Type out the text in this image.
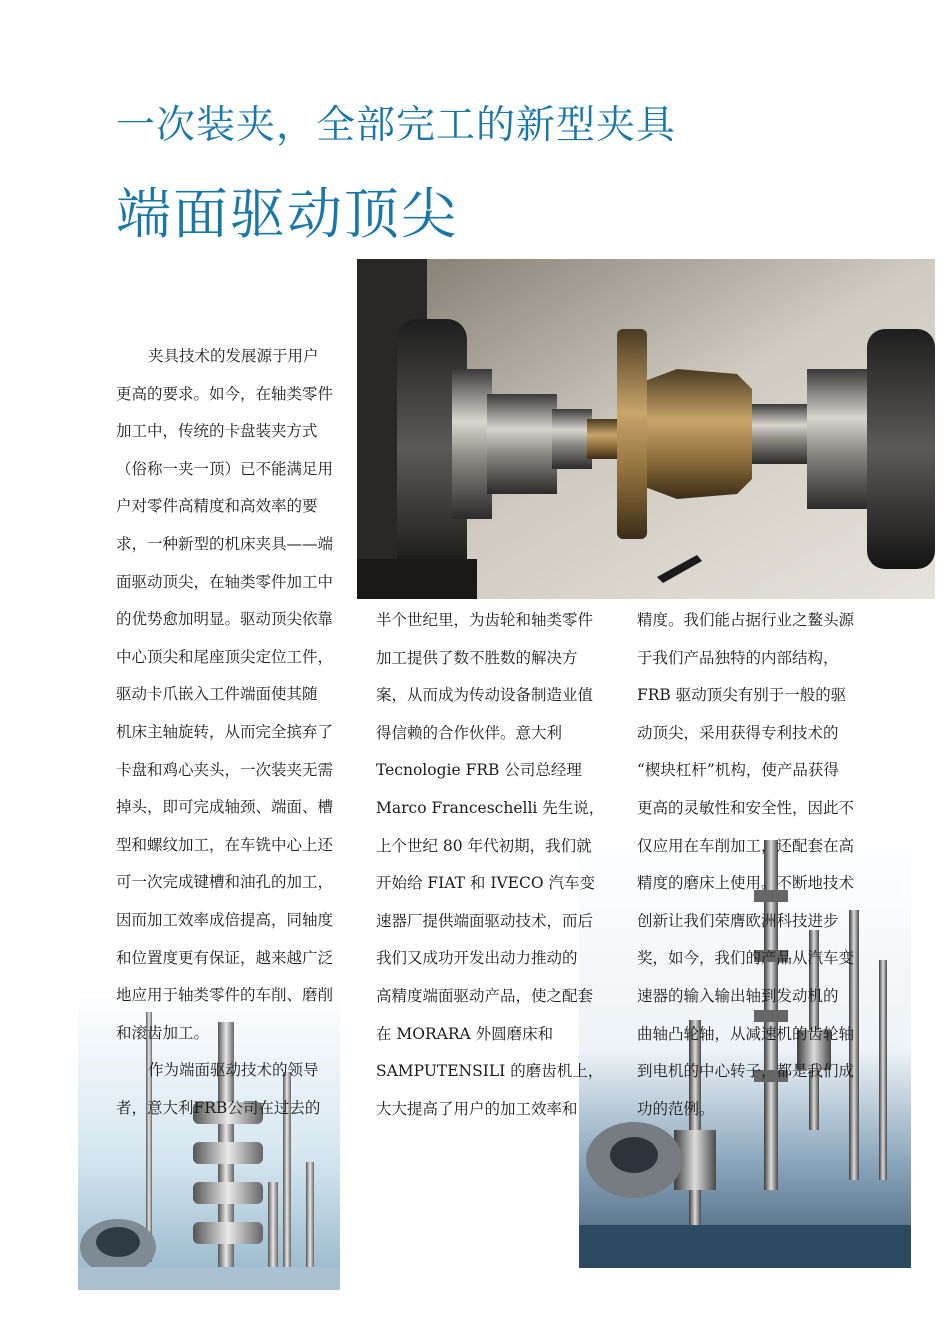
一次装夹，全部完工的新型夹具
端面驱动顶尖
夹具技术的发展源于用户
更高的要求。如今，在轴类零件
加工中，传统的卡盘装夹方式
（俗称一夹一顶）已不能满足用
户对零件高精度和高效率的要
求，一种新型的机床夹具——端
面驱动顶尖，在轴类零件加工中
的优势愈加明显。驱动顶尖依靠
中心顶尖和尾座顶尖定位工件，
驱动卡爪嵌入工件端面使其随
机床主轴旋转，从而完全摈弃了
卡盘和鸡心夹头，一次装夹无需
掉头，即可完成轴颈、端面、槽
型和螺纹加工，在车铣中心上还
可一次完成键槽和油孔的加工，
因而加工效率成倍提高，同轴度
和位置度更有保证，越来越广泛
地应用于轴类零件的车削、磨削
和滚齿加工。
作为端面驱动技术的领导
者，意大利FRB公司在过去的
半个世纪里，为齿轮和轴类零件
加工提供了数不胜数的解决方
案，从而成为传动设备制造业值
得信赖的合作伙伴。意大利
Tecnologie FRB 公司总经理
Marco Franceschelli 先生说，
上个世纪 80 年代初期，我们就
开始给 FIAT 和 IVECO 汽车变
速器厂提供端面驱动技术，而后
我们又成功开发出动力推动的
高精度端面驱动产品，使之配套
在 MORARA 外圆磨床和
SAMPUTENSILI 的磨齿机上，
大大提高了用户的加工效率和
精度。我们能占据行业之鳌头源
于我们产品独特的内部结构，
FRB 驱动顶尖有别于一般的驱
动顶尖，采用获得专利技术的
“楔块杠杆”机构，使产品获得
更高的灵敏性和安全性，因此不
仅应用在车削加工，还配套在高
精度的磨床上使用。不断地技术
创新让我们荣膺欧洲科技进步
奖，如今，我们的产品从汽车变
速器的输入输出轴到发动机的
曲轴凸轮轴，从减速机的齿轮轴
到电机的中心转子，都是我们成
功的范例。
